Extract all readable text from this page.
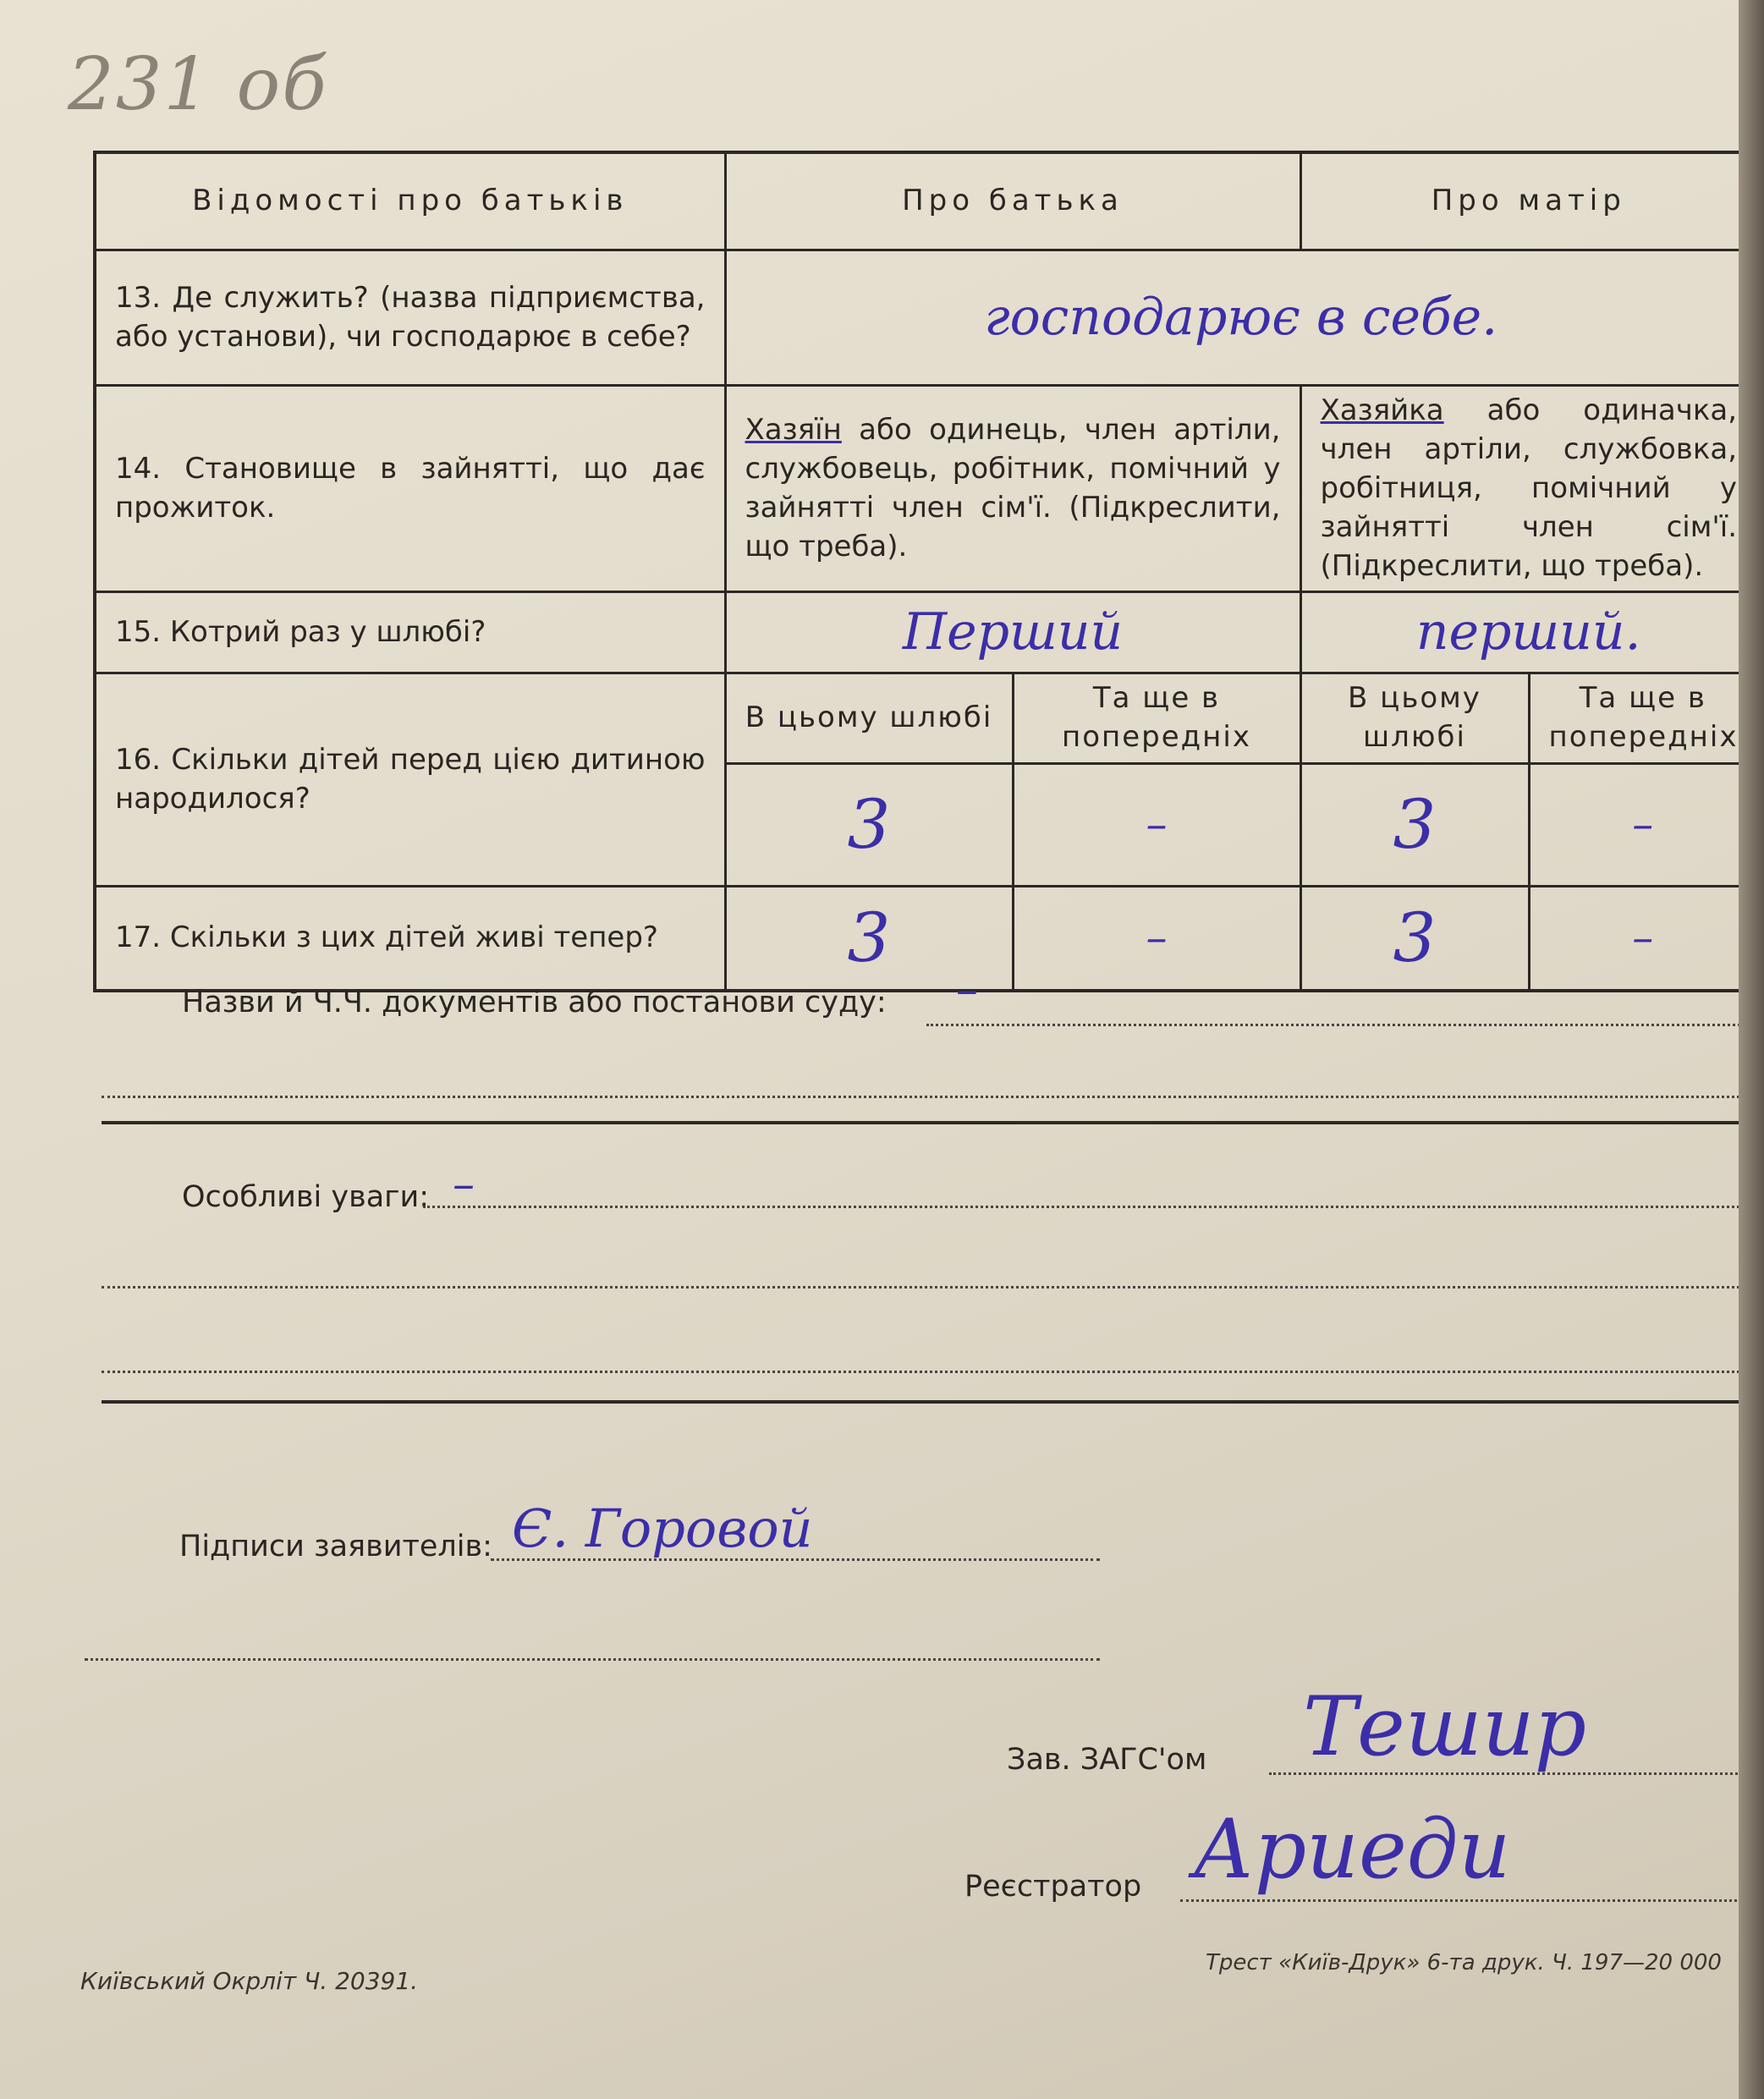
231 об
Відомості про батьків	Про батька		Про матір	
13. Де служить? (назва підприємства, або установи), чи господарює в себе?	господарює в себе.			
14. Становище в зайнятті, що дає прожиток.	Хазяїн або одинець, член артіли, службовець, робітник, помічний у зайнятті член сім'ї. (Підкреслити, що треба).		Хазяйка або одиначка, член артіли, службовка, робітниця, помічний у зайнятті член сім'ї. (Підкреслити, що треба).	
15. Котрий раз у шлюбі?	Перший		перший.	
16. Скільки дітей перед цією дитиною народилося?	В цьому шлюбі	Та ще в попередніх	В цьому шлюбі	Та ще в попередніх
	3	–	3	–
17. Скільки з цих дітей живі тепер?	3	–	3	–
Назви й Ч.Ч. документів або постанови суду: –
Особливі уваги: –
Підписи заявителів: Є. Горовой
Зав. ЗАГС'ом Тешир
Реєстратор Ариеди
Київський Окрліт Ч. 20391.
Трест «Київ-Друк» 6-та друк. Ч. 197—20 000
